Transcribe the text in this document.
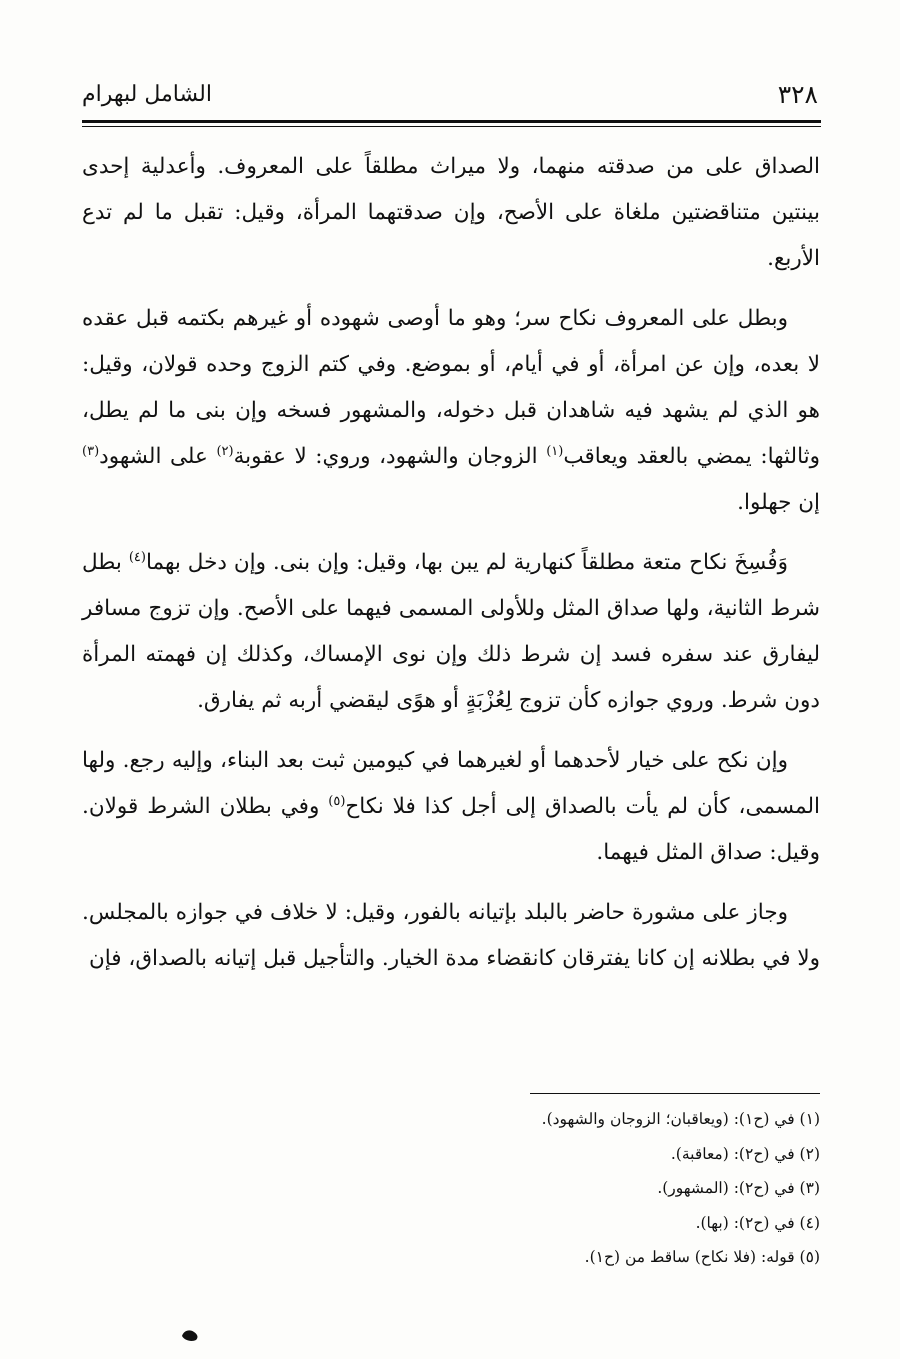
٣٢٨
الشامل لبهرام

الصداق على من صدقته منهما، ولا ميراث مطلقاً على المعروف. وأعدلية إحدى بينتين متناقضتين ملغاة على الأصح، وإن صدقتهما المرأة، وقيل: تقبل ما لم تدع الأربع.

وبطل على المعروف نكاح سر؛ وهو ما أوصى شهوده أو غيرهم بكتمه قبل عقده لا بعده، وإن عن امرأة، أو في أيام، أو بموضع. وفي كتم الزوج وحده قولان، وقيل: هو الذي لم يشهد فيه شاهدان قبل دخوله، والمشهور فسخه وإن بنى ما لم يطل، وثالثها: يمضي بالعقد ويعاقب$^{(١)}$ الزوجان والشهود، وروي: لا عقوبة$^{(٢)}$ على الشهود$^{(٣)}$ إن جهلوا.

وَفُسِخَ نكاح متعة مطلقاً كنهارية لم يبن بها، وقيل: وإن بنى. وإن دخل بهما$^{(٤)}$ بطل شرط الثانية، ولها صداق المثل وللأولى المسمى فيهما على الأصح. وإن تزوج مسافر ليفارق عند سفره فسد إن شرط ذلك وإن نوى الإمساك، وكذلك إن فهمته المرأة دون شرط. وروي جوازه كأن تزوج لِعُزْبَةٍ أو هوًى ليقضي أربه ثم يفارق.

وإن نكح على خيار لأحدهما أو لغيرهما في كيومين ثبت بعد البناء، وإليه رجع. ولها المسمى، كأن لم يأت بالصداق إلى أجل كذا فلا نكاح$^{(٥)}$ وفي بطلان الشرط قولان. وقيل: صداق المثل فيهما.

وجاز على مشورة حاضر بالبلد بإتيانه بالفور، وقيل: لا خلاف في جوازه بالمجلس. ولا في بطلانه إن كانا يفترقان كانقضاء مدة الخيار. والتأجيل قبل إتيانه بالصداق، فإن

(١) في (ح١): (ويعاقبان؛ الزوجان والشهود).
(٢) في (ح٢): (معاقبة).
(٣) في (ح٢): (المشهور).
(٤) في (ح٢): (بها).
(٥) قوله: (فلا نكاح) ساقط من (ح١).
